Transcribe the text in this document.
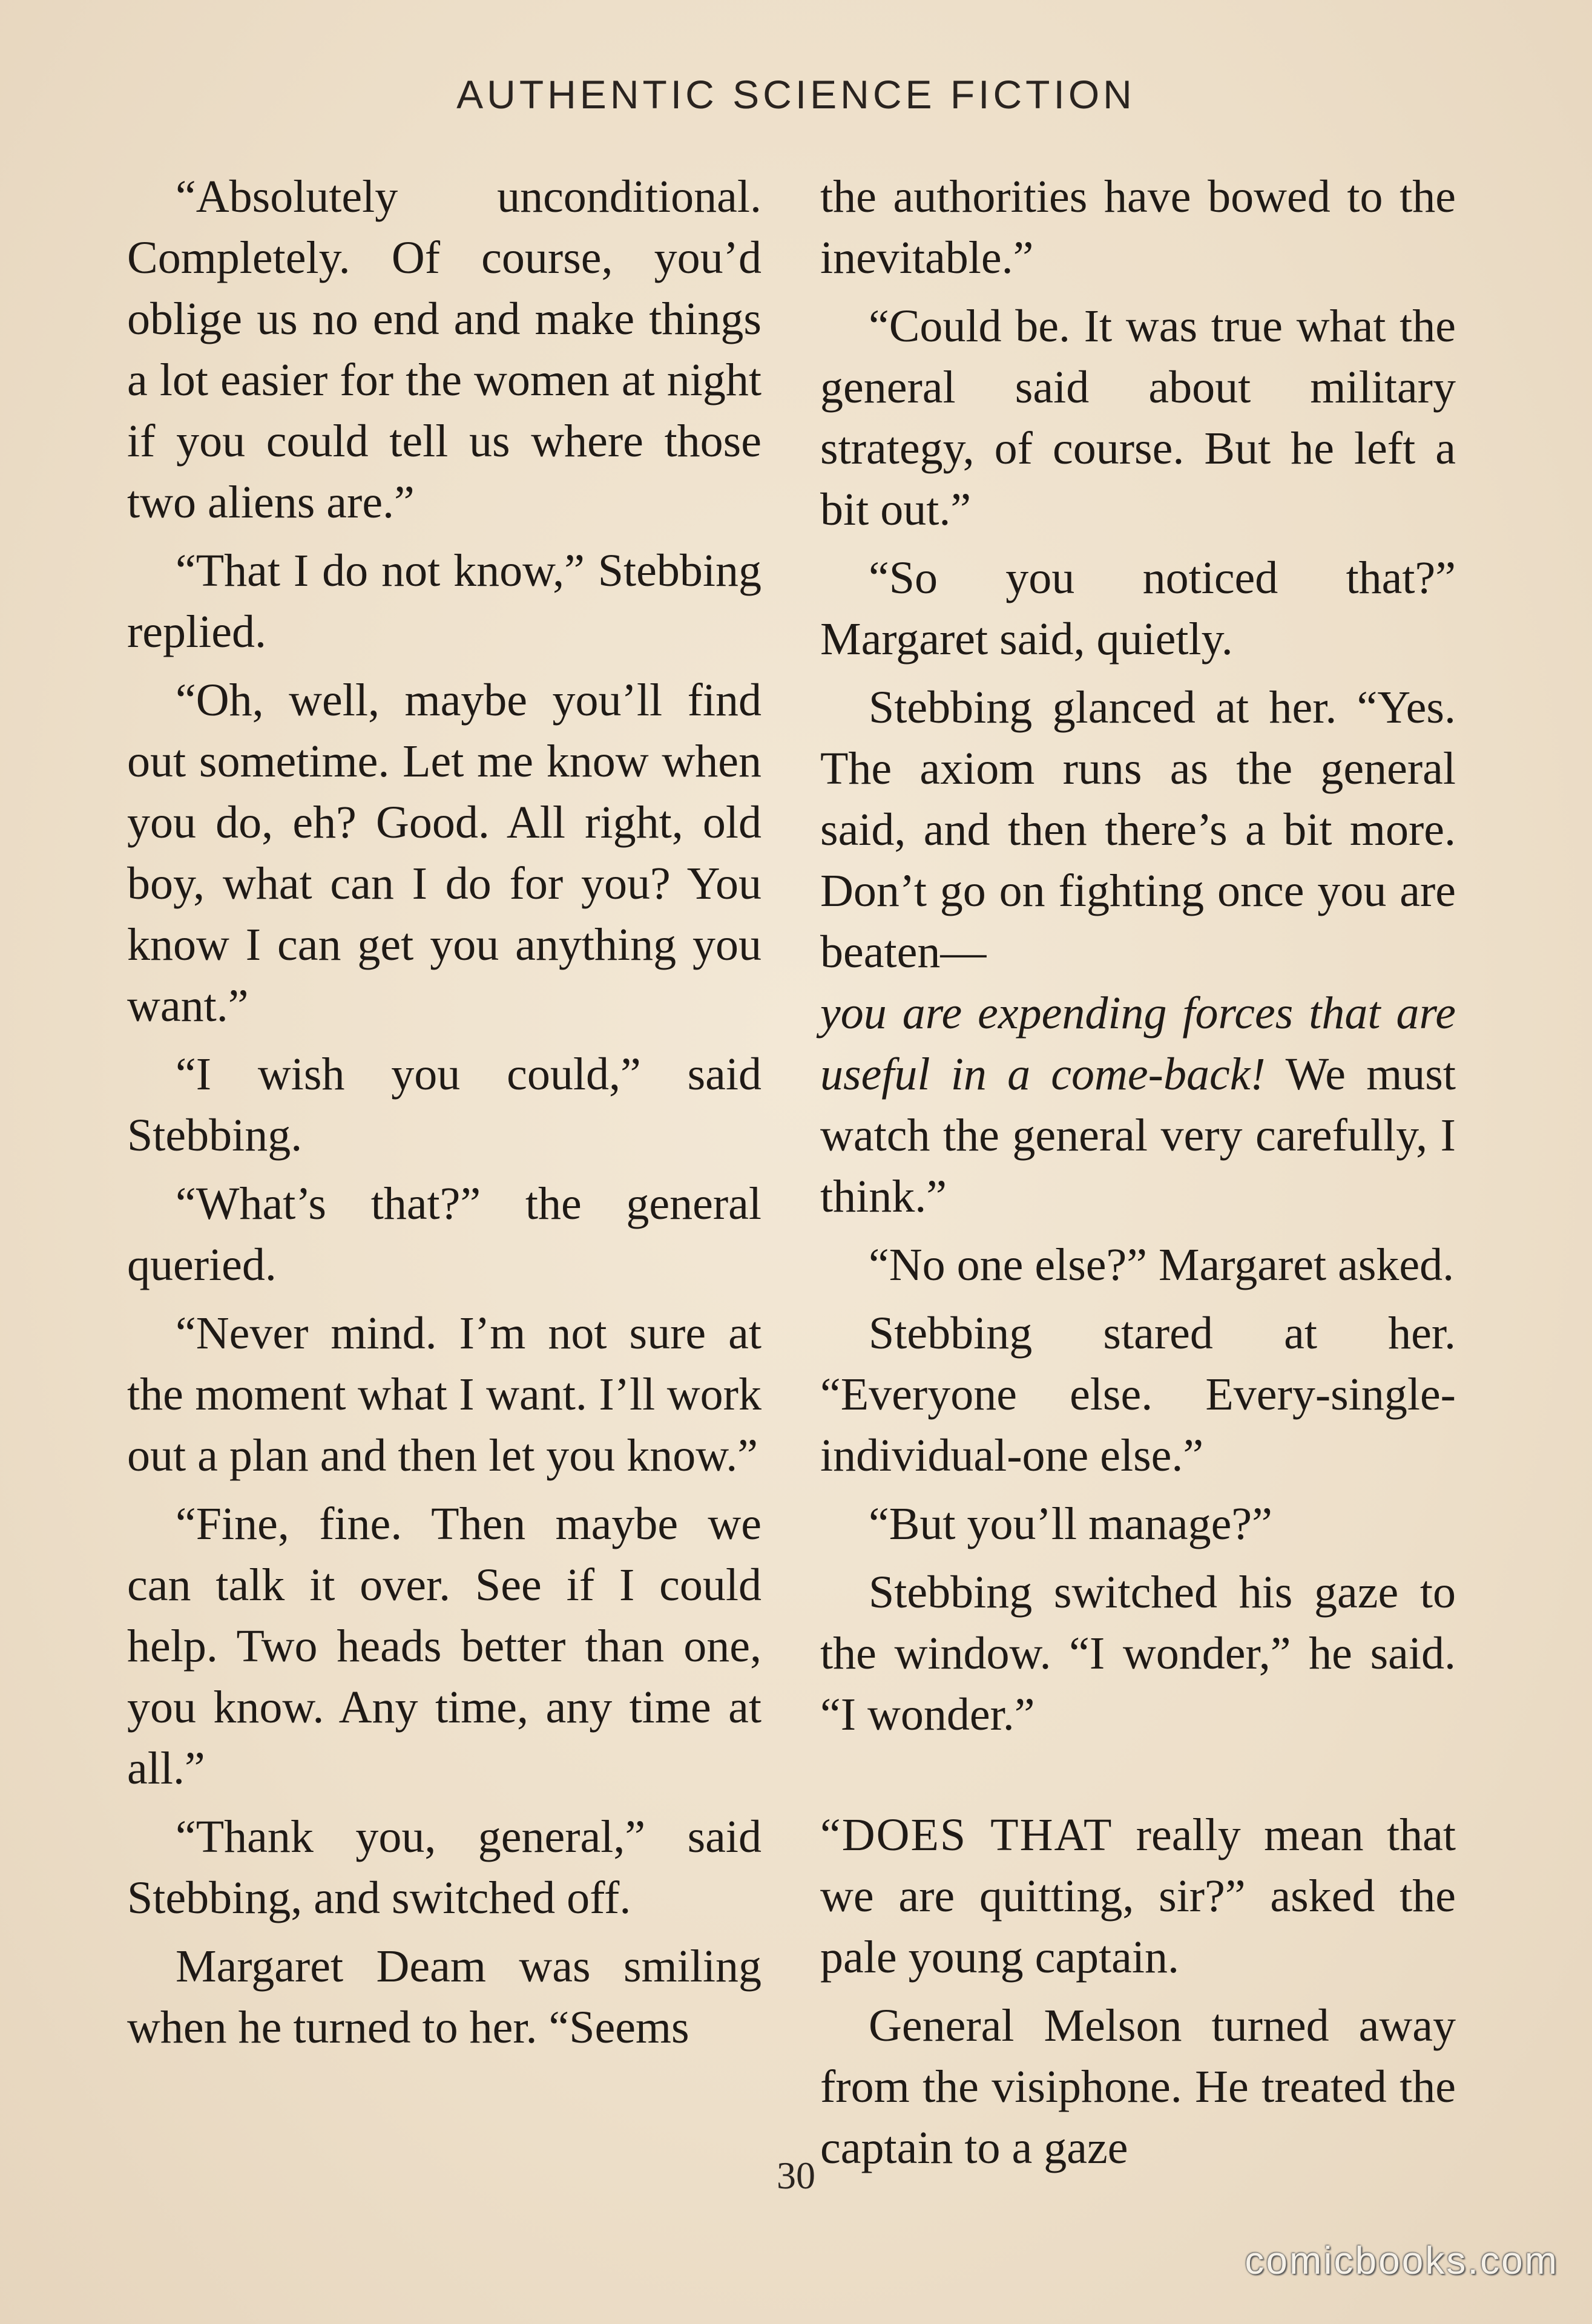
AUTHENTIC SCIENCE FICTION

“Absolutely unconditional. Completely. Of course, you’d oblige us no end and make things a lot easier for the women at night if you could tell us where those two aliens are.”

“That I do not know,” Stebbing replied.

“Oh, well, maybe you’ll find out sometime. Let me know when you do, eh? Good. All right, old boy, what can I do for you? You know I can get you anything you want.”

“I wish you could,” said Stebbing.

“What’s that?” the general queried.

“Never mind. I’m not sure at the moment what I want. I’ll work out a plan and then let you know.”

“Fine, fine. Then maybe we can talk it over. See if I could help. Two heads better than one, you know. Any time, any time at all.”

“Thank you, general,” said Stebbing, and switched off.

Margaret Deam was smiling when he turned to her. “Seems

the authorities have bowed to the inevitable.”

“Could be. It was true what the general said about military strategy, of course. But he left a bit out.”

“So you noticed that?” Margaret said, quietly.

Stebbing glanced at her. “Yes. The axiom runs as the general said, and then there’s a bit more. Don’t go on fighting once you are beaten—
you are expending forces that are useful in a come-back! We must watch the general very carefully, I think.”

“No one else?” Margaret asked.

Stebbing stared at her. “Everyone else. Every-single-individual-one else.”

“But you’ll manage?”

Stebbing switched his gaze to the window. “I wonder,” he said. “I wonder.”

“DOES THAT really mean that we are quitting, sir?” asked the pale young captain.

General Melson turned away from the visiphone. He treated the captain to a gaze

30
comicbooks.com
